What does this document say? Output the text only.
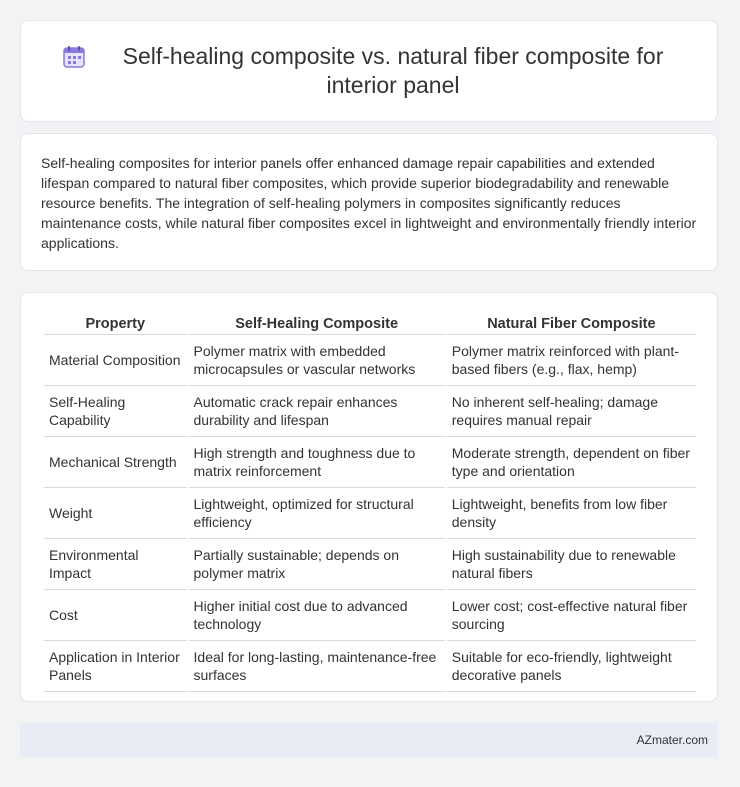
Self-healing composite vs. natural fiber composite for interior panel

Self-healing composites for interior panels offer enhanced damage repair capabilities and extended lifespan compared to natural fiber composites, which provide superior biodegradability and renewable resource benefits. The integration of self-healing polymers in composites significantly reduces maintenance costs, while natural fiber composites excel in lightweight and environmentally friendly interior applications.

Property	Self-Healing Composite	Natural Fiber Composite
Material Composition	Polymer matrix with embedded microcapsules or vascular networks	Polymer matrix reinforced with plant-based fibers (e.g., flax, hemp)
Self-Healing Capability	Automatic crack repair enhances durability and lifespan	No inherent self-healing; damage requires manual repair
Mechanical Strength	High strength and toughness due to matrix reinforcement	Moderate strength, dependent on fiber type and orientation
Weight	Lightweight, optimized for structural efficiency	Lightweight, benefits from low fiber density
Environmental Impact	Partially sustainable; depends on polymer matrix	High sustainability due to renewable natural fibers
Cost	Higher initial cost due to advanced technology	Lower cost; cost-effective natural fiber sourcing
Application in Interior Panels	Ideal for long-lasting, maintenance-free surfaces	Suitable for eco-friendly, lightweight decorative panels
AZmater.com
